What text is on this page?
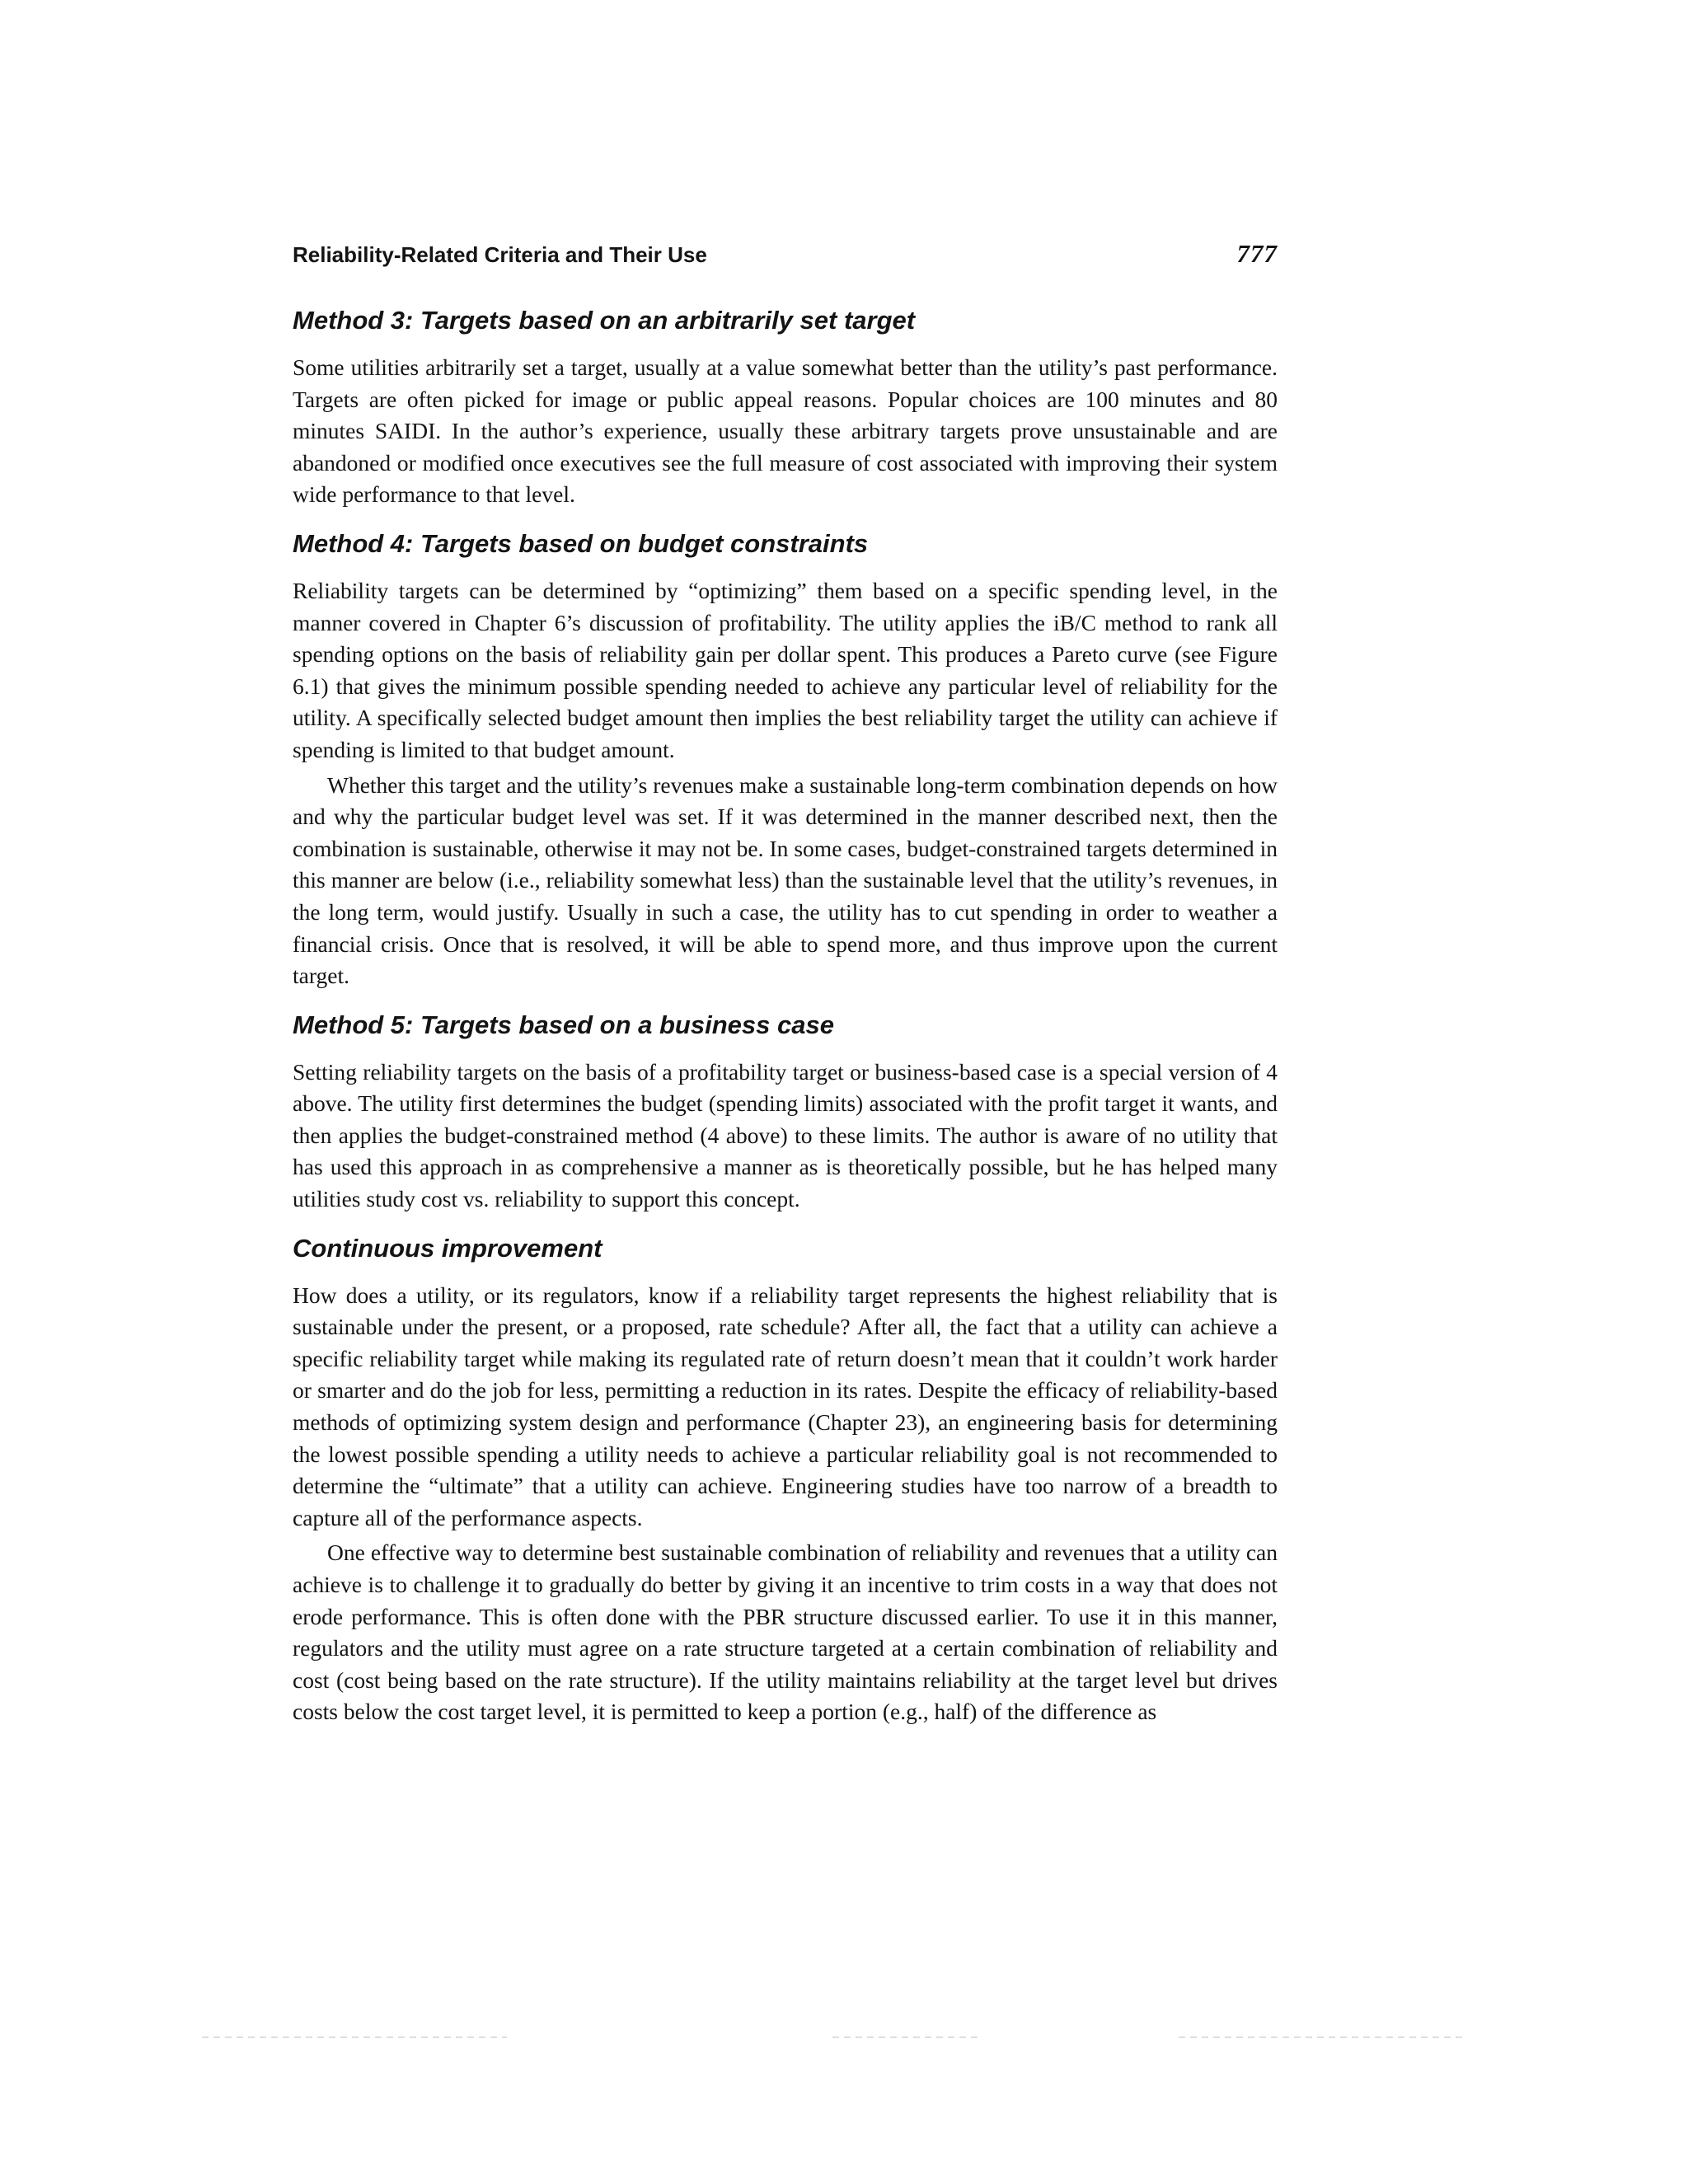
Reliability-Related Criteria and Their Use	777
Method 3: Targets based on an arbitrarily set target

Some utilities arbitrarily set a target, usually at a value somewhat better than the utility’s past performance. Targets are often picked for image or public appeal reasons. Popular choices are 100 minutes and 80 minutes SAIDI. In the author’s experience, usually these arbitrary targets prove unsustainable and are abandoned or modified once executives see the full measure of cost associated with improving their system wide performance to that level.

Method 4: Targets based on budget constraints

Reliability targets can be determined by “optimizing” them based on a specific spending level, in the manner covered in Chapter 6’s discussion of profitability. The utility applies the iB/C method to rank all spending options on the basis of reliability gain per dollar spent. This produces a Pareto curve (see Figure 6.1) that gives the minimum possible spending needed to achieve any particular level of reliability for the utility. A specifically selected budget amount then implies the best reliability target the utility can achieve if spending is limited to that budget amount.

Whether this target and the utility’s revenues make a sustainable long-term combination depends on how and why the particular budget level was set. If it was determined in the manner described next, then the combination is sustainable, otherwise it may not be. In some cases, budget-constrained targets determined in this manner are below (i.e., reliability somewhat less) than the sustainable level that the utility’s revenues, in the long term, would justify. Usually in such a case, the utility has to cut spending in order to weather a financial crisis. Once that is resolved, it will be able to spend more, and thus improve upon the current target.

Method 5: Targets based on a business case

Setting reliability targets on the basis of a profitability target or business-based case is a special version of 4 above. The utility first determines the budget (spending limits) associated with the profit target it wants, and then applies the budget-constrained method (4 above) to these limits. The author is aware of no utility that has used this approach in as comprehensive a manner as is theoretically possible, but he has helped many utilities study cost vs. reliability to support this concept.

Continuous improvement

How does a utility, or its regulators, know if a reliability target represents the highest reliability that is sustainable under the present, or a proposed, rate schedule? After all, the fact that a utility can achieve a specific reliability target while making its regulated rate of return doesn’t mean that it couldn’t work harder or smarter and do the job for less, permitting a reduction in its rates. Despite the efficacy of reliability-based methods of optimizing system design and performance (Chapter 23), an engineering basis for determining the lowest possible spending a utility needs to achieve a particular reliability goal is not recommended to determine the “ultimate” that a utility can achieve. Engineering studies have too narrow of a breadth to capture all of the performance aspects.

One effective way to determine best sustainable combination of reliability and revenues that a utility can achieve is to challenge it to gradually do better by giving it an incentive to trim costs in a way that does not erode performance. This is often done with the PBR structure discussed earlier. To use it in this manner, regulators and the utility must agree on a rate structure targeted at a certain combination of reliability and cost (cost being based on the rate structure). If the utility maintains reliability at the target level but drives costs below the cost target level, it is permitted to keep a portion (e.g., half) of the difference as
